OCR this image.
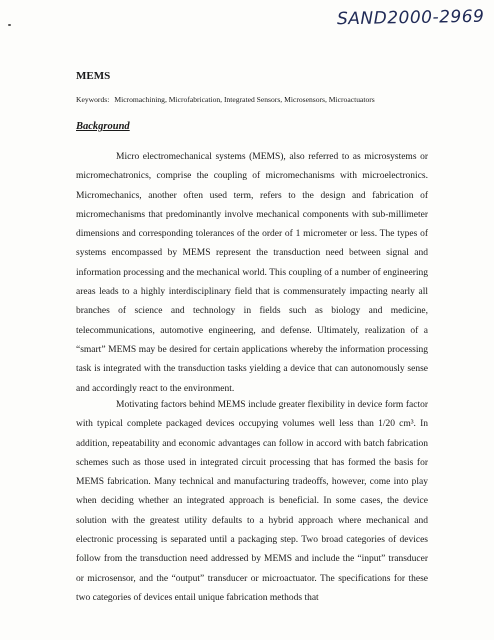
SAND2000-2969
MEMS
Keywords: Micromachining, Microfabrication, Integrated Sensors, Microsensors, Microactuators
Background

Micro electromechanical systems (MEMS), also referred to as microsystems or micromechatronics, comprise the coupling of micromechanisms with microelectronics. Micromechanics, another often used term, refers to the design and fabrication of micromechanisms that predominantly involve mechanical components with sub-millimeter dimensions and corresponding tolerances of the order of 1 micrometer or less. The types of systems encompassed by MEMS represent the transduction need between signal and information processing and the mechanical world. This coupling of a number of engineering areas leads to a highly interdisciplinary field that is commensurately impacting nearly all branches of science and technology in fields such as biology and medicine, telecommunications, automotive engineering, and defense. Ultimately, realization of a “smart” MEMS may be desired for certain applications whereby the information processing task is integrated with the transduction tasks yielding a device that can autonomously sense and accordingly react to the environment.

Motivating factors behind MEMS include greater flexibility in device form factor with typical complete packaged devices occupying volumes well less than 1/20 cm³. In addition, repeatability and economic advantages can follow in accord with batch fabrication schemes such as those used in integrated circuit processing that has formed the basis for MEMS fabrication. Many technical and manufacturing tradeoffs, however, come into play when deciding whether an integrated approach is beneficial. In some cases, the device solution with the greatest utility defaults to a hybrid approach where mechanical and electronic processing is separated until a packaging step. Two broad categories of devices follow from the transduction need addressed by MEMS and include the “input” transducer or microsensor, and the “output” transducer or microactuator. The specifications for these two categories of devices entail unique fabrication methods that
